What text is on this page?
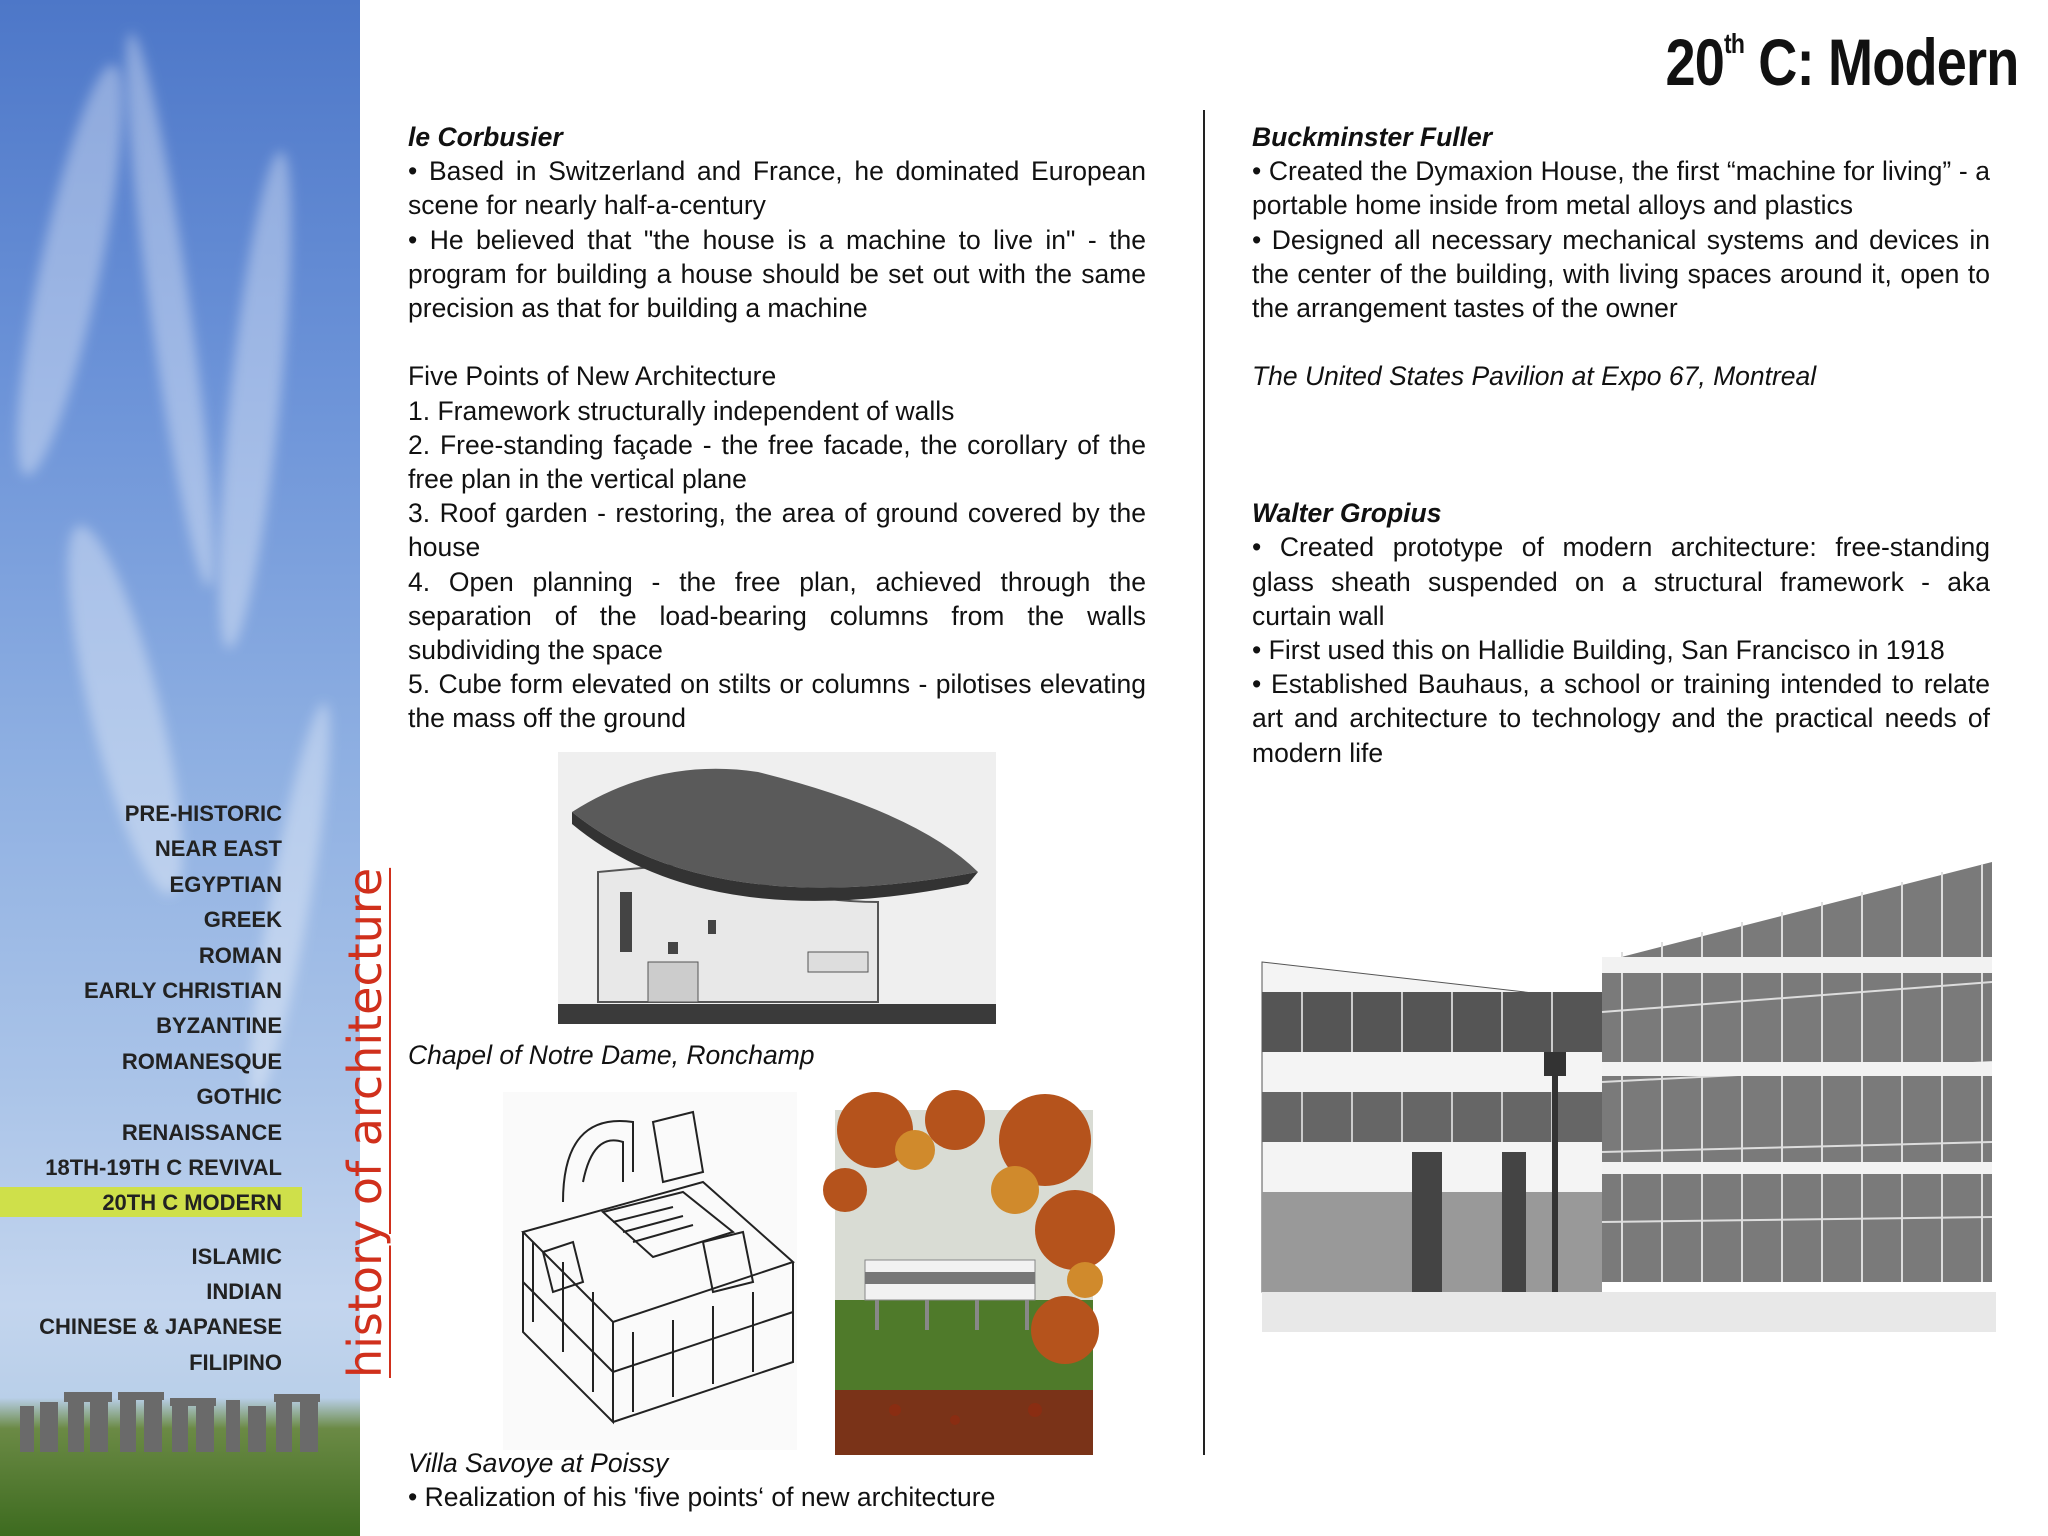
PRE-HISTORIC
NEAR EAST
EGYPTIAN
GREEK
ROMAN
EARLY CHRISTIAN
BYZANTINE
ROMANESQUE
GOTHIC
RENAISSANCE
18TH-19TH C REVIVAL
20TH C MODERN
ISLAMIC
INDIAN
CHINESE & JAPANESE
FILIPINO history of architecture
20th C: Modern

le Corbusier

• Based in Switzerland and France, he dominated European scene for nearly half-a-century

• He believed that "the house is a machine to live in" - the program for building a house should be set out with the same precision as that for building a machine

Five Points of New Architecture

1. Framework structurally independent of walls

2. Free-standing façade - the free facade, the corollary of the free plan in the vertical plane

3. Roof garden - restoring, the area of ground covered by the house

4. Open planning - the free plan, achieved through the separation of the load-bearing columns from the walls subdividing the space

5. Cube form elevated on stilts or columns - pilotises elevating the mass off the ground

Chapel of Notre Dame, Ronchamp
Villa Savoye at Poissy
• Realization of his 'five points‘ of new architecture

Buckminster Fuller

• Created the Dymaxion House, the first “machine for living” - a portable home inside from metal alloys and plastics

• Designed all necessary mechanical systems and devices in the center of the building, with living spaces around it, open to the arrangement tastes of the owner

The United States Pavilion at Expo 67, Montreal

Walter Gropius

• Created prototype of modern architecture: free-standing glass sheath suspended on a structural framework - aka curtain wall

• First used this on Hallidie Building, San Francisco in 1918

• Established Bauhaus, a school or training intended to relate art and architecture to technology and the practical needs of modern life
